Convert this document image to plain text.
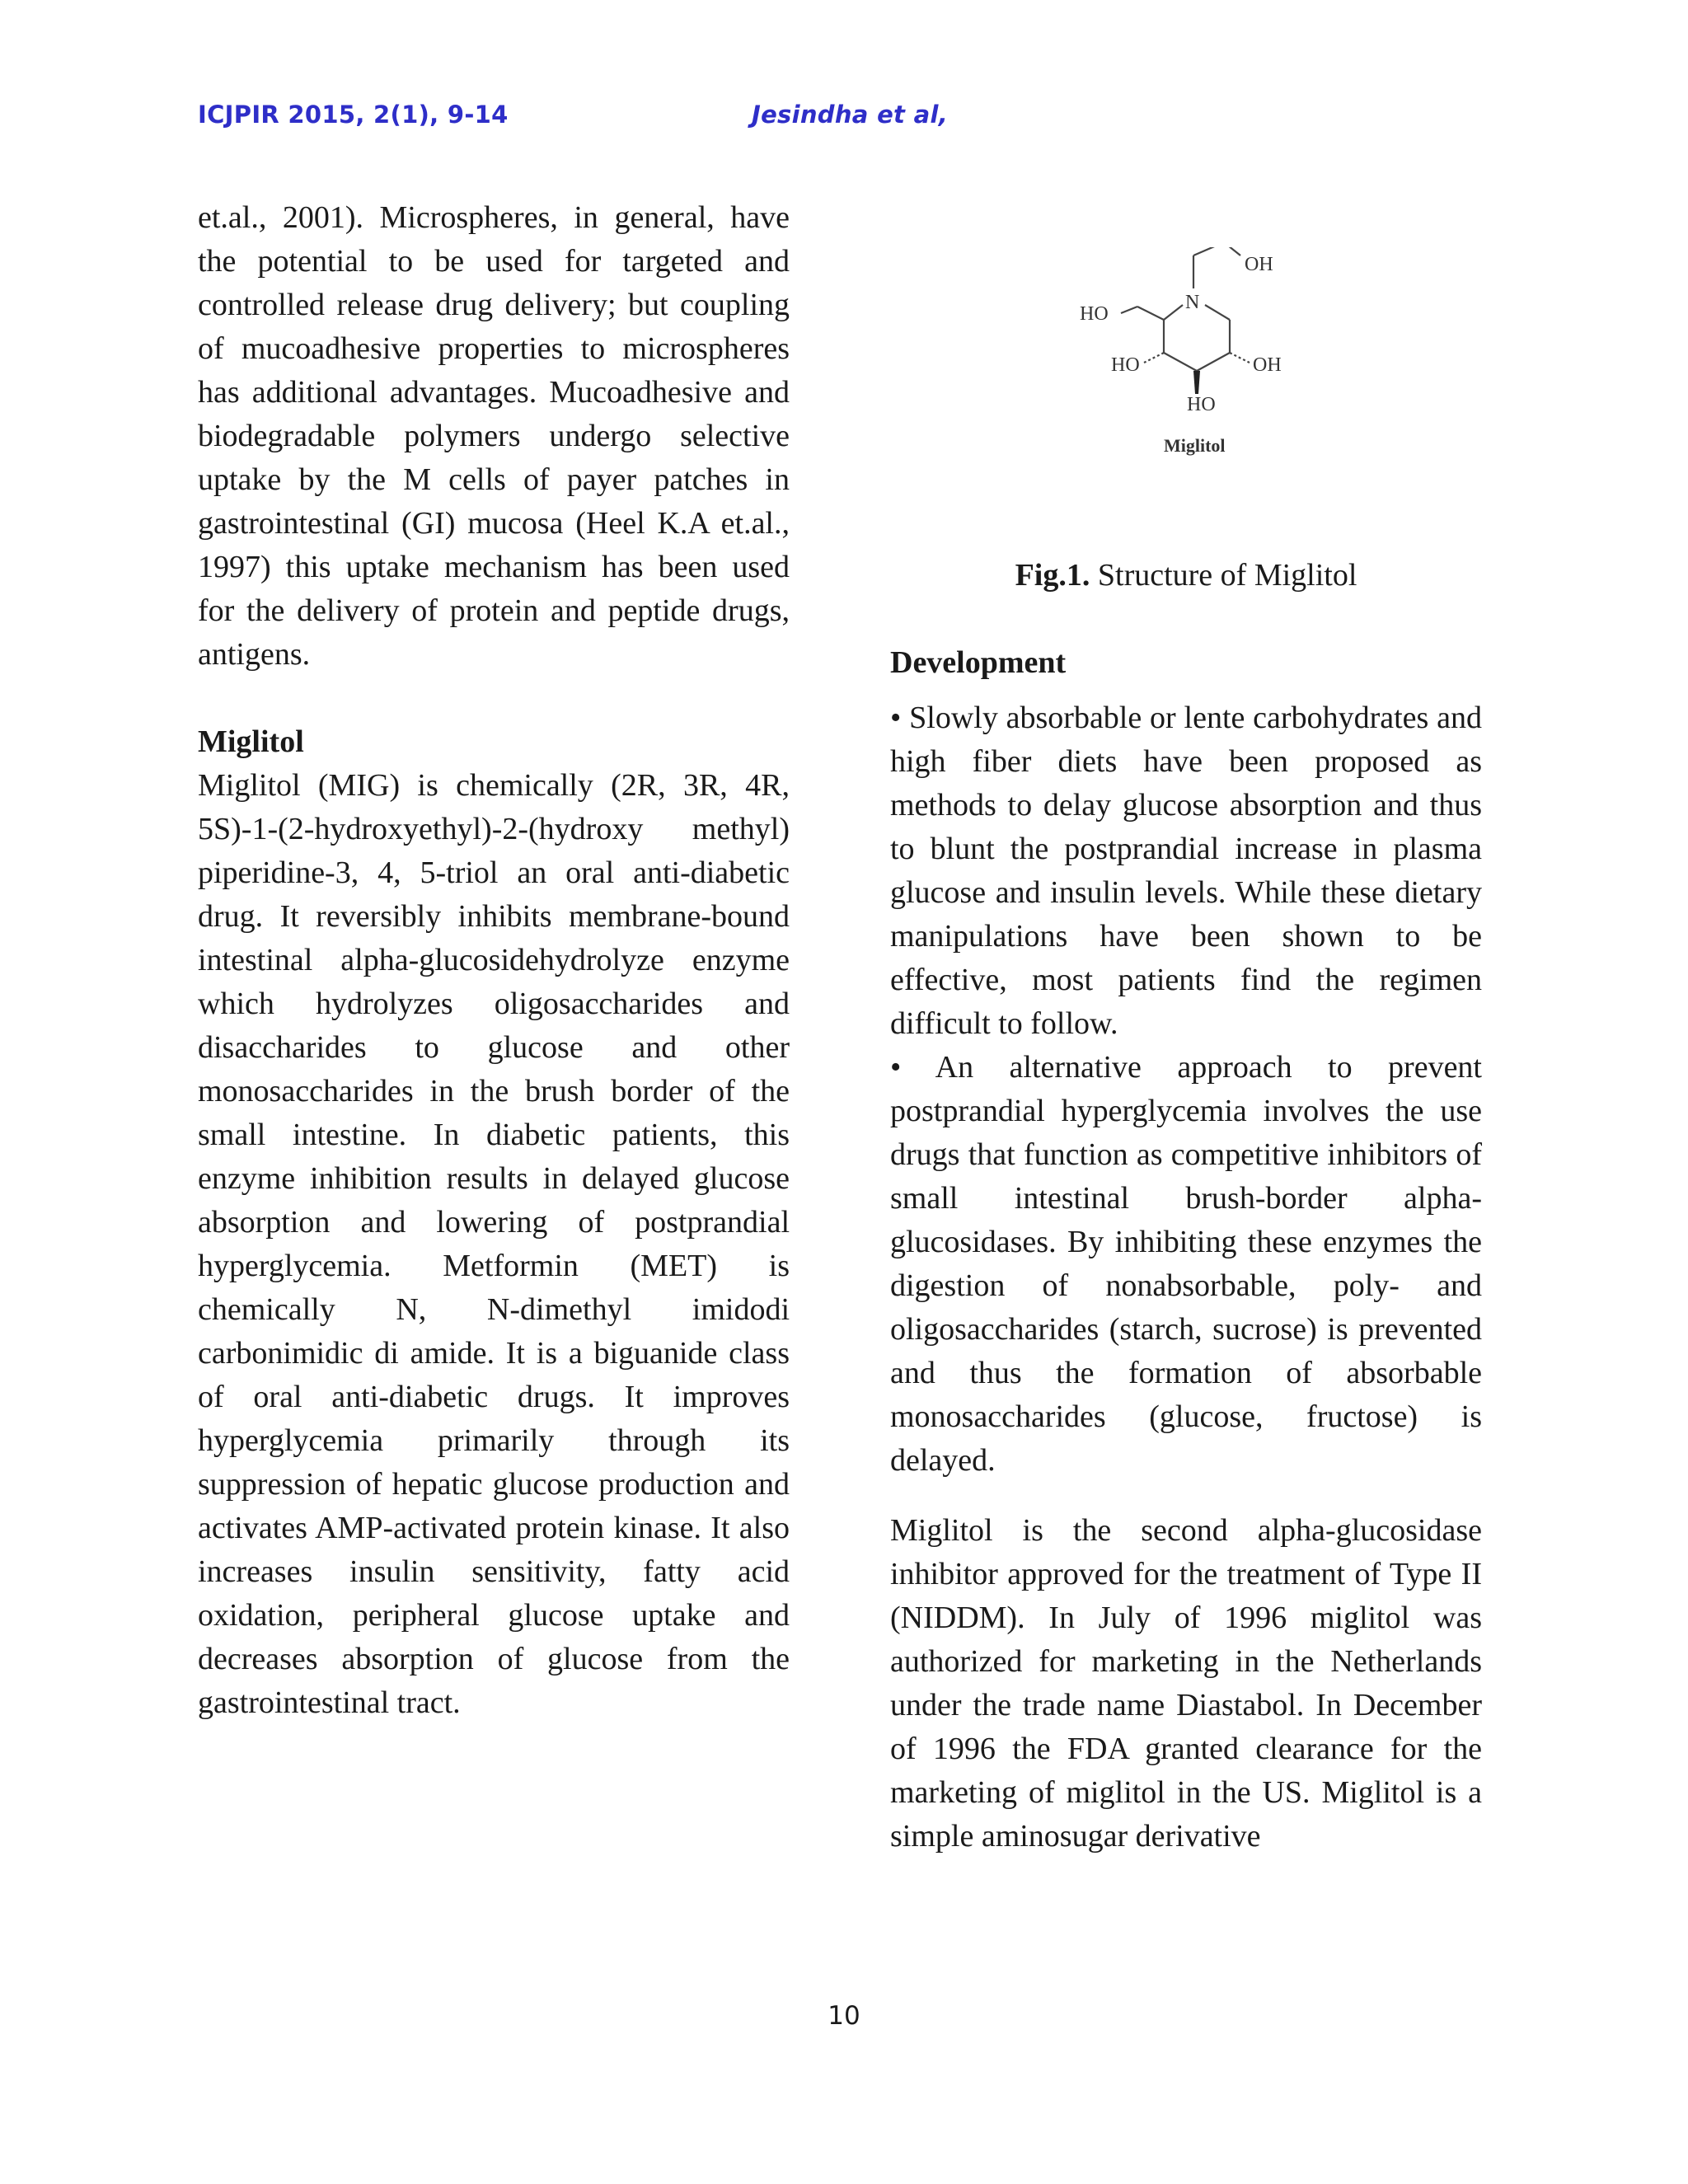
ICJPIR 2015, 2(1), 9-14	Jesindha et al,

et.al., 2001). Microspheres, in general, have the potential to be used for targeted and controlled release drug delivery; but coupling of mucoadhesive properties to microspheres has additional advantages. Mucoadhesive and biodegradable polymers undergo selective uptake by the M cells of payer patches in gastrointestinal (GI) mucosa (Heel K.A et.al., 1997) this uptake mechanism has been used for the delivery of protein and peptide drugs, antigens.

Miglitol

Miglitol (MIG) is chemically (2R, 3R, 4R, 5S)-1-(2-hydroxyethyl)-2-(hydroxy methyl) piperidine-3, 4, 5-triol an oral anti-diabetic drug. It reversibly inhibits membrane-bound intestinal alpha-glucosidehydrolyze enzyme which hydrolyzes oligosaccharides and disaccharides to glucose and other monosaccharides in the brush border of the small intestine. In diabetic patients, this enzyme inhibition results in delayed glucose absorption and lowering of postprandial hyperglycemia. Metformin (MET) is chemically N, N-dimethyl imidodi carbonimidic di amide. It is a biguanide class of oral anti-diabetic drugs. It improves hyperglycemia primarily through its suppression of hepatic glucose production and activates AMP-activated protein kinase. It also increases insulin sensitivity, fatty acid oxidation, peripheral glucose uptake and decreases absorption of glucose from the gastrointestinal tract.

OH
N
HO
HO	OH
HO
Miglitol
Fig.1. Structure of Miglitol

Development

• Slowly absorbable or lente carbohydrates and high fiber diets have been proposed as methods to delay glucose absorption and thus to blunt the postprandial increase in plasma glucose and insulin levels. While these dietary manipulations have been shown to be effective, most patients find the regimen difficult to follow.

• An alternative approach to prevent postprandial hyperglycemia involves the use drugs that function as competitive inhibitors of small intestinal brush-border alpha-glucosidases. By inhibiting these enzymes the digestion of nonabsorbable, poly- and oligosaccharides (starch, sucrose) is prevented and thus the formation of absorbable monosaccharides (glucose, fructose) is delayed.

Miglitol is the second alpha-glucosidase inhibitor approved for the treatment of Type II (NIDDM). In July of 1996 miglitol was authorized for marketing in the Netherlands under the trade name Diastabol. In December of 1996 the FDA granted clearance for the marketing of miglitol in the US. Miglitol is a simple aminosugar derivative

10
